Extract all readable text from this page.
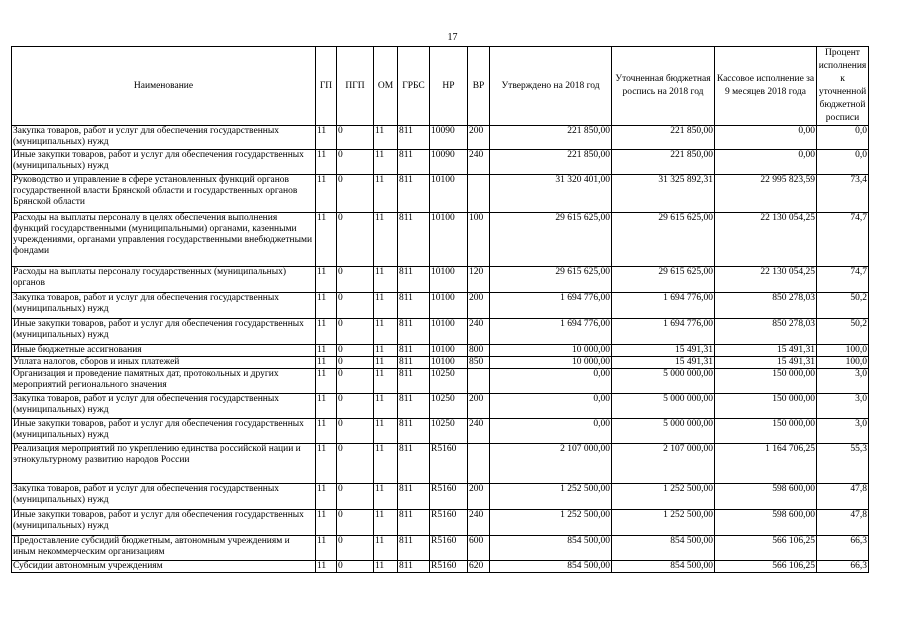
17
Наименование	ГП	ПГП	ОМ	ГРБС	НР	ВР	Утверждено на 2018 год	Уточненная бюджетная роспись на 2018 год	Кассовое исполнение за 9 месяцев 2018 года	Процент исполнения к уточненной бюджетной росписи
Закупка товаров, работ и услуг для обеспечения государственных (муниципальных) нужд	11	0	11	811	10090	200	221 850,00	221 850,00	0,00	0,0
Иные закупки товаров, работ и услуг для обеспечения государственных (муниципальных) нужд	11	0	11	811	10090	240	221 850,00	221 850,00	0,00	0,0
Руководство и управление в сфере установленных функций органов государственной власти Брянской области и государственных органов Брянской области	11	0	11	811	10100		31 320 401,00	31 325 892,31	22 995 823,59	73,4
Расходы на выплаты персоналу в целях обеспечения выполнения функций государственными (муниципальными) органами, казенными учреждениями, органами управления государственными внебюджетными фондами	11	0	11	811	10100	100	29 615 625,00	29 615 625,00	22 130 054,25	74,7
Расходы на выплаты персоналу государственных (муниципальных) органов	11	0	11	811	10100	120	29 615 625,00	29 615 625,00	22 130 054,25	74,7
Закупка товаров, работ и услуг для обеспечения государственных (муниципальных) нужд	11	0	11	811	10100	200	1 694 776,00	1 694 776,00	850 278,03	50,2
Иные закупки товаров, работ и услуг для обеспечения государственных (муниципальных) нужд	11	0	11	811	10100	240	1 694 776,00	1 694 776,00	850 278,03	50,2
Иные бюджетные ассигнования	11	0	11	811	10100	800	10 000,00	15 491,31	15 491,31	100,0
Уплата налогов, сборов и иных платежей	11	0	11	811	10100	850	10 000,00	15 491,31	15 491,31	100,0
Организация и проведение памятных дат, протокольных и других мероприятий регионального значения	11	0	11	811	10250		0,00	5 000 000,00	150 000,00	3,0
Закупка товаров, работ и услуг для обеспечения государственных (муниципальных) нужд	11	0	11	811	10250	200	0,00	5 000 000,00	150 000,00	3,0
Иные закупки товаров, работ и услуг для обеспечения государственных (муниципальных) нужд	11	0	11	811	10250	240	0,00	5 000 000,00	150 000,00	3,0
Реализация мероприятий по укреплению единства российской нации и этнокультурному развитию народов России	11	0	11	811	R5160		2 107 000,00	2 107 000,00	1 164 706,25	55,3
Закупка товаров, работ и услуг для обеспечения государственных (муниципальных) нужд	11	0	11	811	R5160	200	1 252 500,00	1 252 500,00	598 600,00	47,8
Иные закупки товаров, работ и услуг для обеспечения государственных (муниципальных) нужд	11	0	11	811	R5160	240	1 252 500,00	1 252 500,00	598 600,00	47,8
Предоставление субсидий бюджетным, автономным учреждениям и иным некоммерческим организациям	11	0	11	811	R5160	600	854 500,00	854 500,00	566 106,25	66,3
Субсидии автономным учреждениям	11	0	11	811	R5160	620	854 500,00	854 500,00	566 106,25	66,3
